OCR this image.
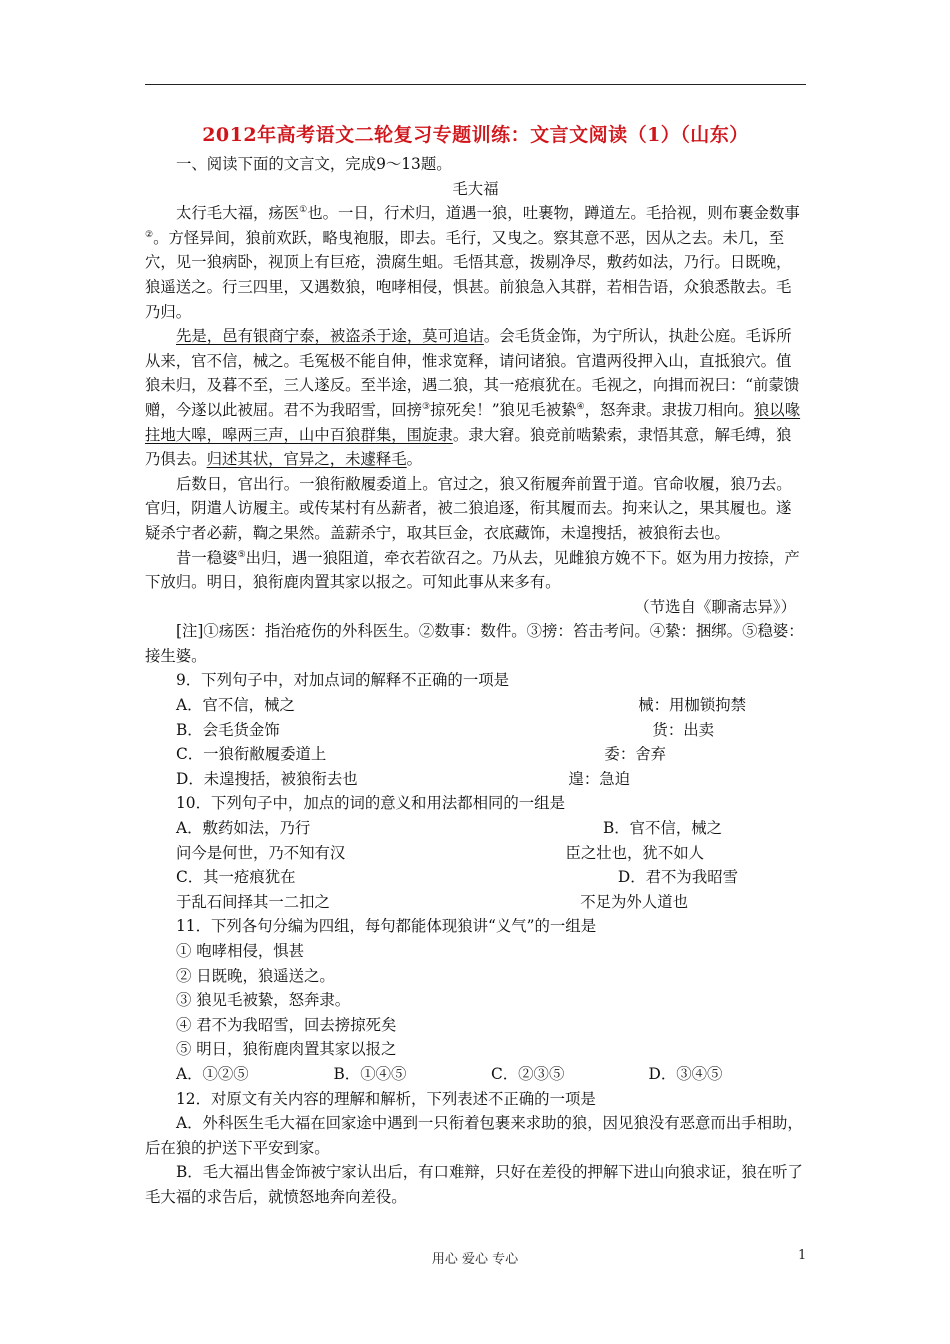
2012年高考语文二轮复习专题训练：文言文阅读（1）（山东）

一、阅读下面的文言文，完成9～13题。

毛大福

太行毛大福，疡医①也。一日，行术归，道遇一狼，吐裹物，蹲道左。毛拾视，则布裹金数事②。方怪异间，狼前欢跃，略曳袍服，即去。毛行，又曳之。察其意不恶，因从之去。未几，至穴，见一狼病卧，视顶上有巨疮，溃腐生蛆。毛悟其意，拨剔净尽，敷药如法，乃行。日既晚，狼遥送之。行三四里，又遇数狼，咆哮相侵，惧甚。前狼急入其群，若相告语，众狼悉散去。毛乃归。

先是，邑有银商宁泰，被盗杀于途，莫可追诘。会毛货金饰，为宁所认，执赴公庭。毛诉所从来，官不信，械之。毛冤极不能自伸，惟求宽释，请问诸狼。官遣两役押入山，直抵狼穴。值狼未归，及暮不至，三人遂反。至半途，遇二狼，其一疮痕犹在。毛视之，向揖而祝曰：“前蒙馈赠，今遂以此被屈。君不为我昭雪，回搒③掠死矣！”狼见毛被絷④，怒奔隶。隶拔刀相向。狼以喙拄地大嗥，嗥两三声，山中百狼群集，围旋隶。隶大窘。狼竞前啮絷索，隶悟其意，解毛缚，狼乃俱去。归述其状，官异之，未遽释毛。

后数日，官出行。一狼衔敝履委道上。官过之，狼又衔履奔前置于道。官命收履，狼乃去。官归，阴遣人访履主。或传某村有丛薪者，被二狼追逐，衔其履而去。拘来认之，果其履也。遂疑杀宁者必薪，鞫之果然。盖薪杀宁，取其巨金，衣底藏饰，未遑搜括，被狼衔去也。

昔一稳婆⑤出归，遇一狼阻道，牵衣若欲召之。乃从去，见雌狼方娩不下。妪为用力按捺，产下放归。明日，狼衔鹿肉置其家以报之。可知此事从来多有。

（节选自《聊斋志异》）

[注]①疡医：指治疮伤的外科医生。②数事：数件。③搒：笞击考问。④絷：捆绑。⑤稳婆：接生婆。

9．下列句子中，对加点词的解释不正确的一项是

A．官不信，械之	械：用枷锁拘禁
B．会毛货金饰	货：出卖
C．一狼衔敝履委道上	委：舍弃
D．未遑搜括，被狼衔去也	遑：急迫

10．下列句子中，加点的词的意义和用法都相同的一组是

A．敷药如法，乃行	B．官不信，械之
问今是何世，乃不知有汉	臣之壮也，犹不如人
C．其一疮痕犹在	D．君不为我昭雪
于乱石间择其一二扣之	不足为外人道也

11．下列各句分编为四组，每句都能体现狼讲“义气”的一组是

① 咆哮相侵，惧甚

② 日既晚，狼遥送之。

③ 狼见毛被絷，怒奔隶。

④ 君不为我昭雪，回去搒掠死矣

⑤ 明日，狼衔鹿肉置其家以报之

A．①②⑤	B．①④⑤	C．②③⑤	D．③④⑤

12．对原文有关内容的理解和解析，下列表述不正确的一项是

A．外科医生毛大福在回家途中遇到一只衔着包裹来求助的狼，因见狼没有恶意而出手相助，后在狼的护送下平安到家。

B．毛大福出售金饰被宁家认出后，有口难辩，只好在差役的押解下进山向狼求证，狼在听了毛大福的求告后，就愤怒地奔向差役。

用心 爱心 专心	1
